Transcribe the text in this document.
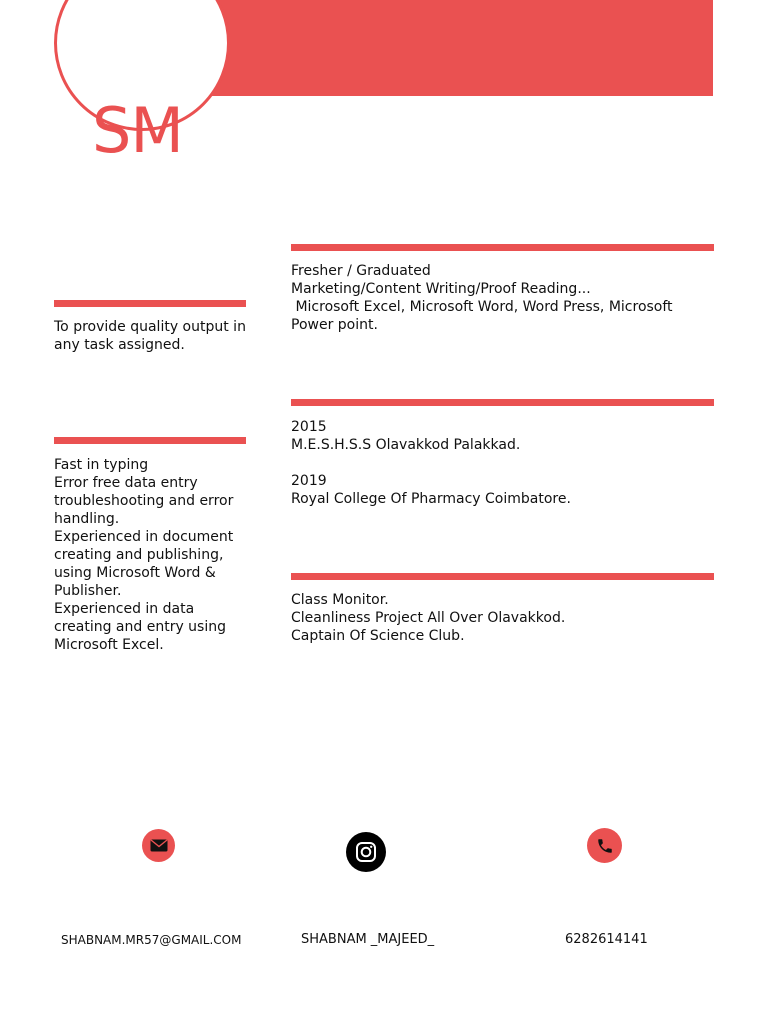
SM
Fresher / Graduated
Marketing/Content Writing/Proof Reading...
Microsoft Excel, Microsoft Word, Word Press, Microsoft
Power point.
To provide quality output in
any task assigned.
2015
M.E.S.H.S.S Olavakkod Palakkad.
2019
Royal College Of Pharmacy Coimbatore.
Fast in typing
Error free data entry
troubleshooting and error
handling.
Experienced in document
creating and publishing,
using Microsoft Word &
Publisher.
Experienced in data
creating and entry using
Microsoft Excel.
Class Monitor.
Cleanliness Project All Over Olavakkod.
Captain Of Science Club.
SHABNAM.MR57@GMAIL.COM	SHABNAM _MAJEED_	6282614141
